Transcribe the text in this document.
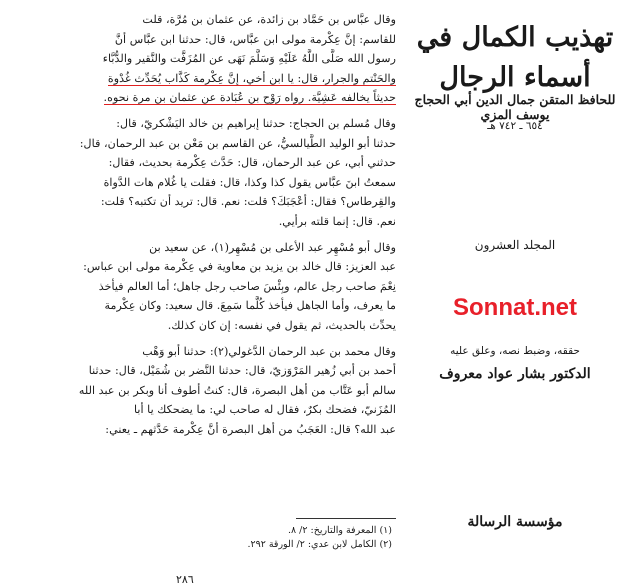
وقال عبَّاس بن حَمَّاد بن زائدة، عن عثمان بن مُرَّة، قلت
للقاسم: إنَّ عِكْرمة مولى ابن عبَّاس، قال: حدثنا ابن عبَّاس أنَّ
رسول الله صَلَّى اللَّهُ عَلَيْهِ وَسَلَّمَ نَهَى عن المُزَفَّت والنَّقير والدُّبَّاء
والحَنْتم والجرار، قال: يا ابن أخي، إنَّ عِكْرمة كَذَّاب يُحَدِّث غُدْوة
حديثاً يخالفه عَشِيَّة. رواه رَوْح بن عُبَادة عن عثمان بن مرة نحوه.

وقال مُسلم بن الحجاج: حدثنا إبراهيم بن خالد اليَشْكريّ، قال:
حدثنا أبو الوليد الطَّيالسيُّ، عن القاسم بن مَعْن بن عبد الرحمان، قال:
حدثني أبي، عن عبد الرحمان، قال: حَدَّث عِكْرمة بحديث، فقال:
سمعتُ ابنَ عبَّاس يقول كذا وكذا، قال: فقلت يا غُلام هات الدَّواة
والقِرطاس؟ فقال: أعْجَبَكَ؟ قلت: نعم. قال: تريد أن تكتبه؟ قلت:
نعم. قال: إنما قلته برأيي.

وقال أبو مُسْهِر عبد الأعلى بن مُسْهِر(١)، عن سعيد بن
عبد العزيز: قال خالد بن يزيد بن معاوية في عِكْرمة مولى ابن عباس:
نِعْمَ صاحب رجل عالم، وبِئْسَ صاحب رجل جاهل؛ أما العالم فيأخذ
ما يعرف، وأما الجاهل فيأخذ كُلَّما سَمِعَ. قال سعيد: وكان عِكْرمة
يحدِّث بالحديث، ثم يقول في نفسه: إن كان كذلك.

وقال محمد بن عبد الرحمان الدَّغولي(٢): حدثنا أبو وَهْب
أحمد بن أبي زُهير المَرْوَزيّ، قال: حدثنا النَّضر بن شُمَيْل، قال: حدثنا
سالم أبو عَتَّاب من أهل البصرة، قال: كنتُ أطوف أنا وبكر بن عبد الله
المُزَنيّ، فضحك بكرٌ، فقال له صاحب لي: ما يضحكك يا أبا
عبد الله؟ قال: العَجَبُ من أهل البصرة أنَّ عِكْرمة حَدَّثهم ـ يعني:

(١) المعرفة والتاريخ: ٢/ ٨.
(٢) الكامل لابن عدي: ٢/ الورقة ٢٩٢.
٢٨٦
تهذيب الكمال في أسماء الرجال
للحافظ المتقن جمال الدين أبي الحجاج يوسف المزي
٦٥٤ ـ ٧٤٢ هـ
المجلد العشرون
Sonnat.net
حققه، وضبط نصه، وعلق عليه
الدكتور بشار عواد معروف
مؤسسة الرسالة
